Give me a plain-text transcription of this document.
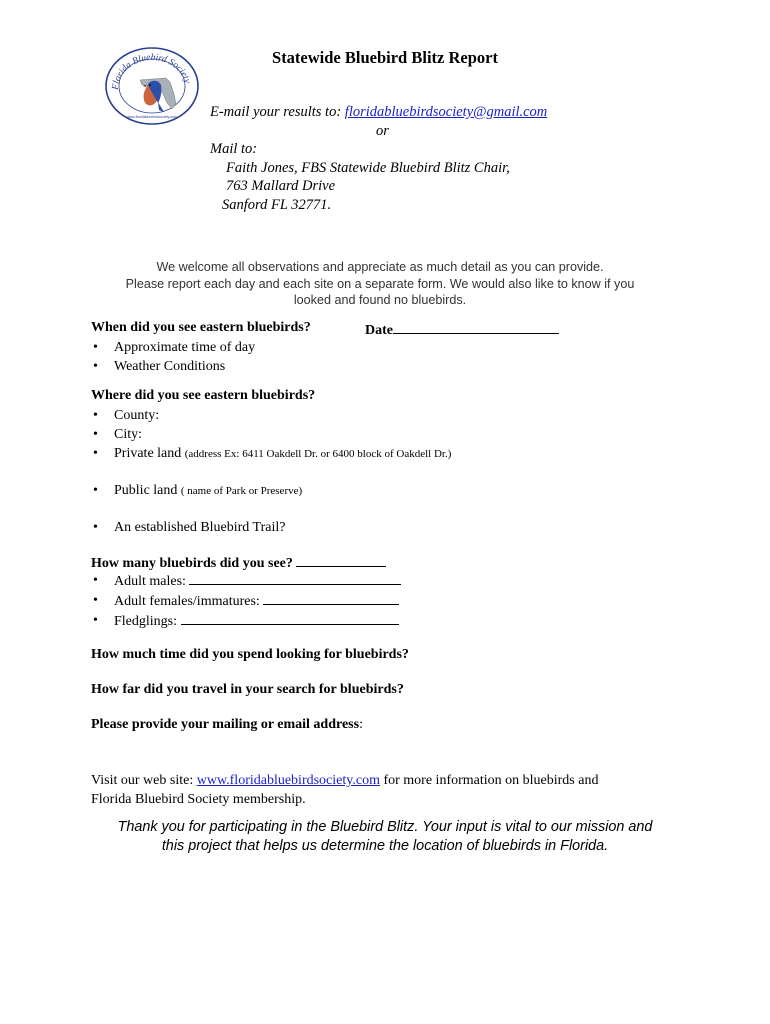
Florida Bluebird Society
www.floridabluebirdsociety.com
Statewide Bluebird Blitz Report
E-mail your results to: floridabluebirdsociety@gmail.com
or
Mail to:
Faith Jones, FBS Statewide Bluebird Blitz Chair,
763 Mallard Drive
Sanford FL 32771.
We welcome all observations and appreciate as much detail as you can provide.
Please report each day and each site on a separate form. We would also like to know if you
looked and found no bluebirds.
When did you see eastern bluebirds?	Date
• Approximate time of day
• Weather Conditions
Where did you see eastern bluebirds?
• County:
• City:
• Private land (address Ex: 6411 Oakdell Dr. or 6400 block of Oakdell Dr.)
• Public land ( name of Park or Preserve)
• An established Bluebird Trail?
How many bluebirds did you see?
• Adult males:
• Adult females/immatures:
• Fledglings:
How much time did you spend looking for bluebirds?
How far did you travel in your search for bluebirds?
Please provide your mailing or email address:
Visit our web site: www.floridabluebirdsociety.com for more information on bluebirds and
Florida Bluebird Society membership.
Thank you for participating in the Bluebird Blitz. Your input is vital to our mission and
this project that helps us determine the location of bluebirds in Florida.
